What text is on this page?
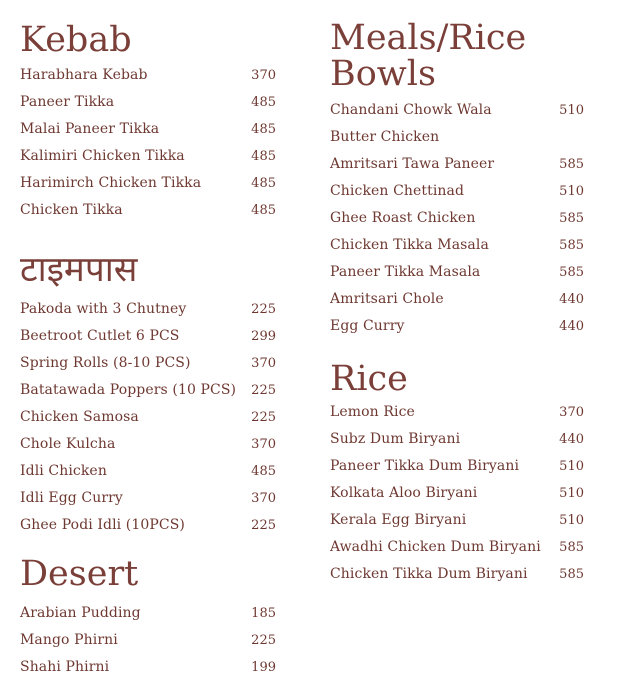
Kebab
Harabhara Kebab	370
Paneer Tikka	485
Malai Paneer Tikka	485
Kalimiri Chicken Tikka	485
Harimirch Chicken Tikka	485
Chicken Tikka	485
टाइमपास
Pakoda with 3 Chutney	225
Beetroot Cutlet 6 PCS	299
Spring Rolls (8-10 PCS)	370
Batatawada Poppers (10 PCS) 225
Chicken Samosa	225
Chole Kulcha	370
Idli Chicken	485
Idli Egg Curry	370
Ghee Podi Idli (10PCS)	225
Desert
Arabian Pudding	185
Mango Phirni	225
Shahi Phirni	199
Meals/Rice
Bowls
Chandani Chowk Wala	510
Butter Chicken
Amritsari Tawa Paneer	585
Chicken Chettinad	510
Ghee Roast Chicken	585
Chicken Tikka Masala	585
Paneer Tikka Masala	585
Amritsari Chole	440
Egg Curry	440
Rice
Lemon Rice	370
Subz Dum Biryani	440
Paneer Tikka Dum Biryani	510
Kolkata Aloo Biryani	510
Kerala Egg Biryani	510
Awadhi Chicken Dum Biryani 585
Chicken Tikka Dum Biryani 585
